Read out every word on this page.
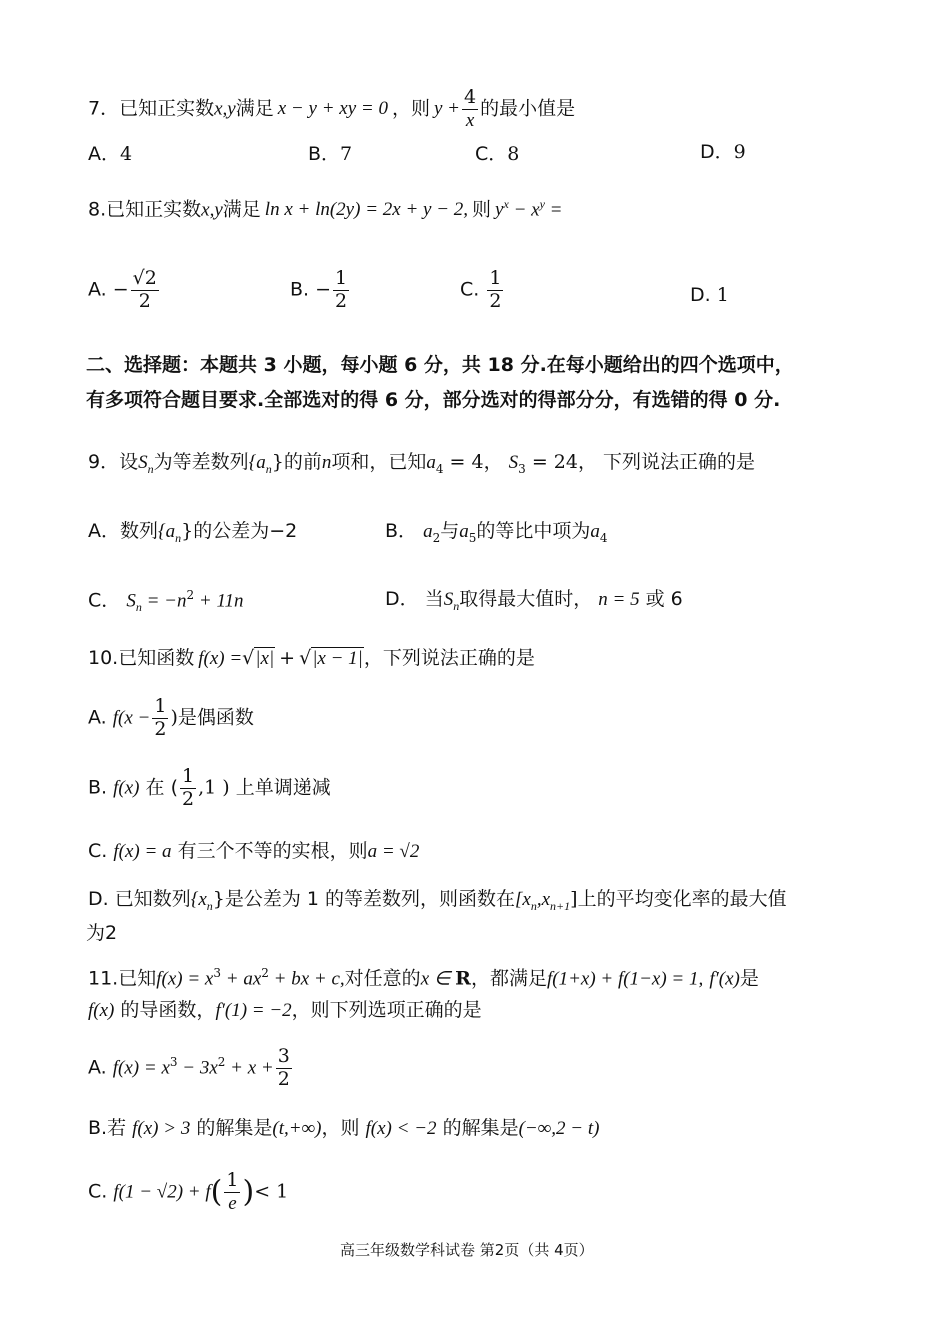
7．已知正实数x,y满足 x − y + xy = 0 ，则 $y + \frac{4}{x}$ 的最小值是
A．4	B．7	C．8	D．9
8.已知正实数x,y满足 ln x + ln(2y) = 2x + y − 2, 则 $y^x - x^y$ =
A. − $\frac{√2}{2}$	B. − $\frac{1}{2}$	C. $\frac{1}{2}$	D. 1
二、选择题：本题共 3 小题，每小题 6 分，共 18 分.在每小题给出的四个选项中，
有多项符合题目要求.全部选对的得 6 分，部分选对的得部分分，有选错的得 0 分.
9．设$S_n$为等差数列$\{a_n\}$的前n项和，已知$a_4 = 4$， $S_3 = 24$， 下列说法正确的是
A．数列$\{a_n\}$的公差为−2	B． $a_2$与$a_5$的等比中项为$a_4$
C． $S_n = -n^2 + 11n$	D． 当$S_n$取得最大值时， n = 5 或 6
10.已知函数 f(x) =√|x| + √|x − 1|，下列说法正确的是
A. $f(x - \frac{1}{2}$ )是偶函数
B. f(x) 在 ( $\frac{1}{2} ,1$ ) 上单调递减
C. f(x) = a 有三个不等的实根，则a = √2
D. 已知数列$\{x_n\}$是公差为 1 的等差数列，则函数在$[x_n,x_{n+1}]$上的平均变化率的最大值
为2
11.已知$f(x) = x^3 + ax^2$ + bx + c,对任意的x ∈ R，都满足f(1+x) + f(1−x) = 1, f′(x)是
f(x) 的导函数，f′(1) = −2，则下列选项正确的是
A. $f(x) = x^3 - 3x^2 + x + \frac{3}{2}$
B.若 f(x) > 3 的解集是(t,+∞)，则 f(x) < −2 的解集是(−∞,2 − t)
C. $f(1 - √2) + f( \frac{1}{e}$ )< 1
高三年级数学科试卷 第2页（共 4页）
